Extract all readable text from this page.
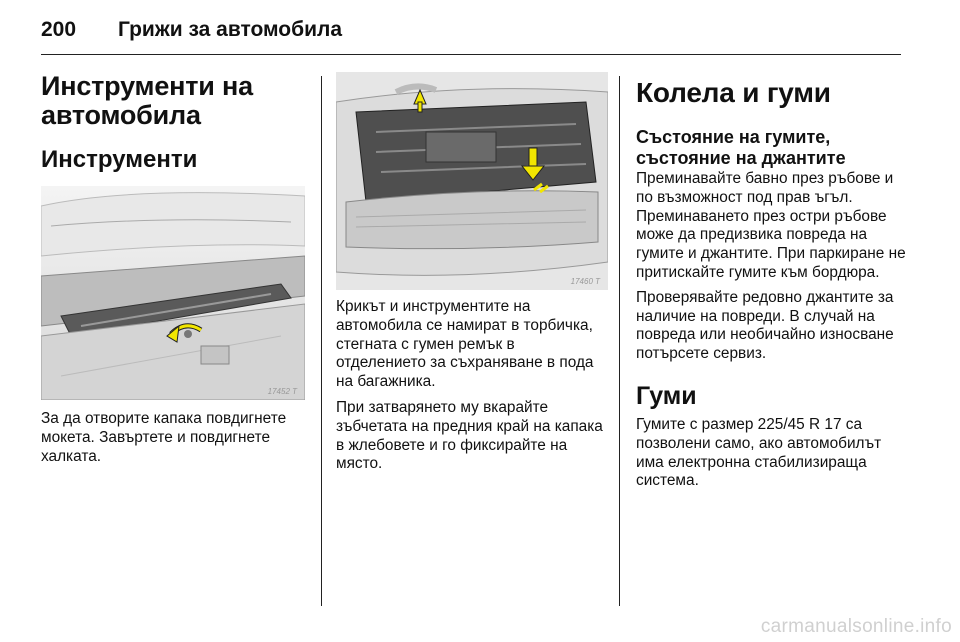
200 Грижи за автомобила
Инструменти на автомобила
Инструменти
17452 T

За да отворите капака повдигнете мокета. Завъртете и повдигнете халката.

17460 T

Крикът и инструментите на автомобила се намират в торбичка, стегната с гумен ремък в отделението за съхраняване в пода на багажника.

При затварянето му вкарайте зъбчетата на предния край на капака в жлебовете и го фиксирайте на място.

Колела и гуми
Състояние на гумите, състояние на джантите

Преминавайте бавно през ръбове и по възможност под прав ъгъл. Преминаването през остри ръбове може да предизвика повреда на гумите и джантите. При паркиране не притискайте гумите към бордюра.

Проверявайте редовно джантите за наличие на повреди. В случай на повреда или необичайно износване потърсете сервиз.

Гуми

Гумите с размер 225/45 R 17 са позволени само, ако автомобилът има електронна стабилизираща система.

carmanualsonline.info
